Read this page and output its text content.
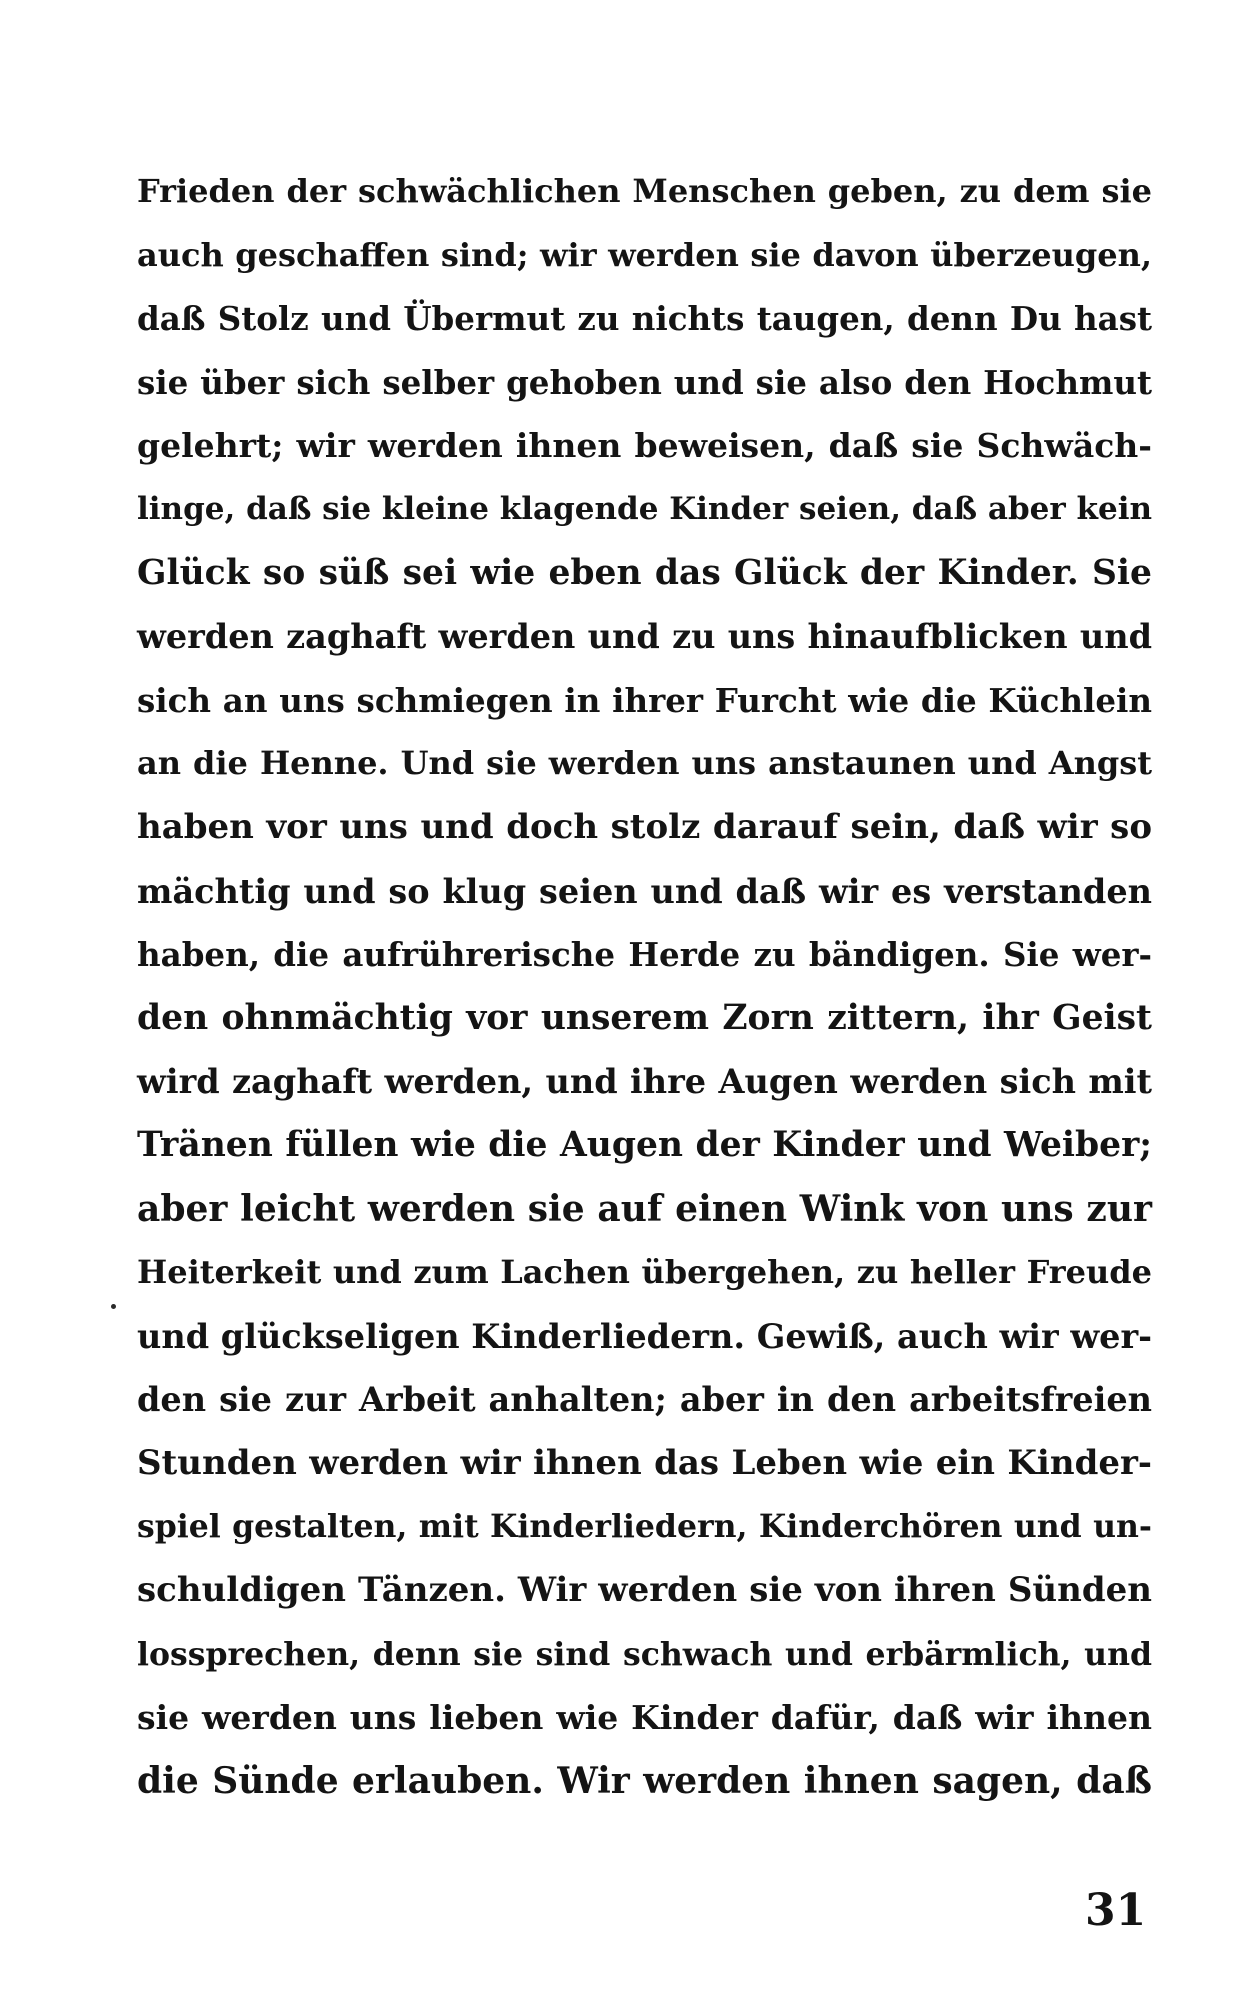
Frieden der schwächlichen Menschen geben, zu dem sie
auch geschaffen sind; wir werden sie davon überzeugen,
daß Stolz und Übermut zu nichts taugen, denn Du hast
sie über sich selber gehoben und sie also den Hochmut
gelehrt; wir werden ihnen beweisen, daß sie Schwäch-
linge, daß sie kleine klagende Kinder seien, daß aber kein
Glück so süß sei wie eben das Glück der Kinder. Sie
werden zaghaft werden und zu uns hinaufblicken und
sich an uns schmiegen in ihrer Furcht wie die Küchlein
an die Henne. Und sie werden uns anstaunen und Angst
haben vor uns und doch stolz darauf sein, daß wir so
mächtig und so klug seien und daß wir es verstanden
haben, die aufrührerische Herde zu bändigen. Sie wer-
den ohnmächtig vor unserem Zorn zittern, ihr Geist
wird zaghaft werden, und ihre Augen werden sich mit
Tränen füllen wie die Augen der Kinder und Weiber;
aber leicht werden sie auf einen Wink von uns zur
Heiterkeit und zum Lachen übergehen, zu heller Freude
und glückseligen Kinderliedern. Gewiß, auch wir wer-
den sie zur Arbeit anhalten; aber in den arbeitsfreien
Stunden werden wir ihnen das Leben wie ein Kinder-
spiel gestalten, mit Kinderliedern, Kinderchören und un-
schuldigen Tänzen. Wir werden sie von ihren Sünden
lossprechen, denn sie sind schwach und erbärmlich, und
sie werden uns lieben wie Kinder dafür, daß wir ihnen
die Sünde erlauben. Wir werden ihnen sagen, daß
31
